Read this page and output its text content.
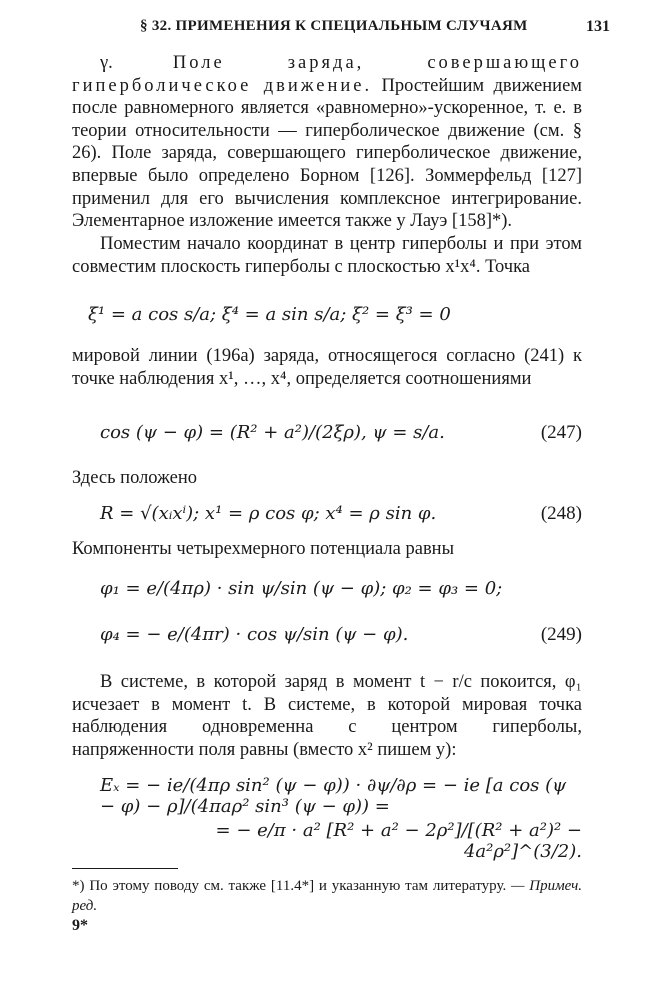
§ 32. ПРИМЕНЕНИЯ К СПЕЦИАЛЬНЫМ СЛУЧАЯМ	131
γ.	Поле заряда, совершающего гиперболическое движение. Простейшим движением после равномерного является «равномерно»-ускоренное, т. е. в теории относительности — гиперболическое движение (см. § 26). Поле заряда, совершающего гиперболическое движение, впервые было определено Борном [126]. Зоммерфельд [127] применил для его вычисления комплексное интегрирование. Элементарное изложение имеется также у Лауэ [158]*).
Поместим начало координат в центр гиперболы и при этом совместим плоскость гиперболы с плоскостью x¹x⁴. Точка
ξ¹ = a cos s/a; ξ⁴ = a sin s/a; ξ² = ξ³ = 0
мировой линии (196a) заряда, относящегося согласно (241) к точке наблюдения x¹, …, x⁴, определяется соотношениями
cos (ψ − φ) = (R² + a²)/(2ξρ), ψ = s/a.	(247)
Здесь положено
R = √(xᵢxⁱ); x¹ = ρ cos φ; x⁴ = ρ sin φ.	(248)
Компоненты четырехмерного потенциала равны
φ₁ = e/(4πρ) · sin ψ/sin (ψ − φ); φ₂ = φ₃ = 0;
φ₄ = − e/(4πr) · cos ψ/sin (ψ − φ).	(249)
В системе, в которой заряд в момент t − r/c покоится, φ₁ исчезает в момент t. В системе, в которой мировая точка наблюдения одновременна с центром гиперболы, напряженности поля равны (вместо x² пишем y):
Eₓ = − ie/(4πρ sin² (ψ − φ)) · ∂ψ/∂ρ = − ie [a cos (ψ − φ) − ρ]/(4πaρ² sin³ (ψ − φ)) =
= − e/π · a² [R² + a² − 2ρ²]/[(R² + a²)² − 4a²ρ²]^(3/2).
*) По этому поводу см. также [11.4*] и указанную там литературу. — Примеч. ред.
9*
